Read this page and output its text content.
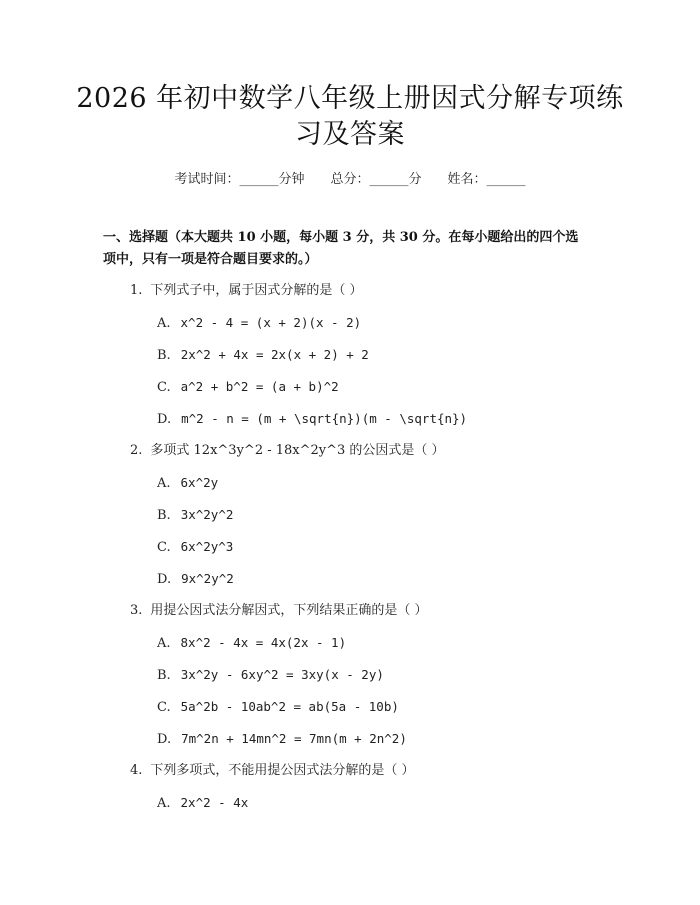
2026 年初中数学八年级上册因式分解专项练
习及答案
考试时间：______分钟 总分：______分 姓名：______
一、选择题（本大题共 10 小题，每小题 3 分，共 30 分。在每小题给出的四个选
项中，只有一项是符合题目要求的。）
1. 下列式子中，属于因式分解的是（ ）
A. x^2 - 4 = (x + 2)(x - 2)
B. 2x^2 + 4x = 2x(x + 2) + 2
C. a^2 + b^2 = (a + b)^2
D. m^2 - n = (m + \sqrt{n})(m - \sqrt{n})
2. 多项式 12x^3y^2 - 18x^2y^3 的公因式是（ ）
A. 6x^2y
B. 3x^2y^2
C. 6x^2y^3
D. 9x^2y^2
3. 用提公因式法分解因式，下列结果正确的是（ ）
A. 8x^2 - 4x = 4x(2x - 1)
B. 3x^2y - 6xy^2 = 3xy(x - 2y)
C. 5a^2b - 10ab^2 = ab(5a - 10b)
D. 7m^2n + 14mn^2 = 7mn(m + 2n^2)
4. 下列多项式，不能用提公因式法分解的是（ ）
A. 2x^2 - 4x
